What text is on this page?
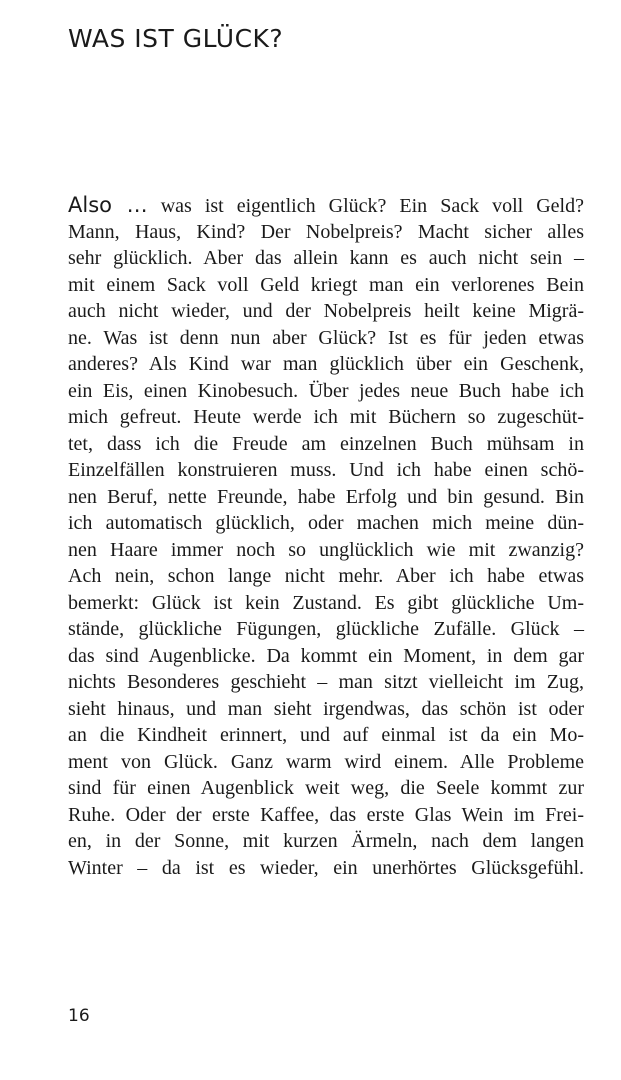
WAS IST GLÜCK?
Also … was ist eigentlich Glück? Ein Sack voll Geld?
Mann, Haus, Kind? Der Nobelpreis? Macht sicher alles
sehr glücklich. Aber das allein kann es auch nicht sein –
mit einem Sack voll Geld kriegt man ein verlorenes Bein
auch nicht wieder, und der Nobelpreis heilt keine Migrä-
ne. Was ist denn nun aber Glück? Ist es für jeden etwas
anderes? Als Kind war man glücklich über ein Geschenk,
ein Eis, einen Kinobesuch. Über jedes neue Buch habe ich
mich gefreut. Heute werde ich mit Büchern so zugeschüt-
tet, dass ich die Freude am einzelnen Buch mühsam in
Einzelfällen konstruieren muss. Und ich habe einen schö-
nen Beruf, nette Freunde, habe Erfolg und bin gesund. Bin
ich automatisch glücklich, oder machen mich meine dün-
nen Haare immer noch so unglücklich wie mit zwanzig?
Ach nein, schon lange nicht mehr. Aber ich habe etwas
bemerkt: Glück ist kein Zustand. Es gibt glückliche Um-
stände, glückliche Fügungen, glückliche Zufälle. Glück –
das sind Augenblicke. Da kommt ein Moment, in dem gar
nichts Besonderes geschieht – man sitzt vielleicht im Zug,
sieht hinaus, und man sieht irgendwas, das schön ist oder
an die Kindheit erinnert, und auf einmal ist da ein Mo-
ment von Glück. Ganz warm wird einem. Alle Probleme
sind für einen Augenblick weit weg, die Seele kommt zur
Ruhe. Oder der erste Kaffee, das erste Glas Wein im Frei-
en, in der Sonne, mit kurzen Ärmeln, nach dem langen
Winter – da ist es wieder, ein unerhörtes Glücksgefühl.
16
